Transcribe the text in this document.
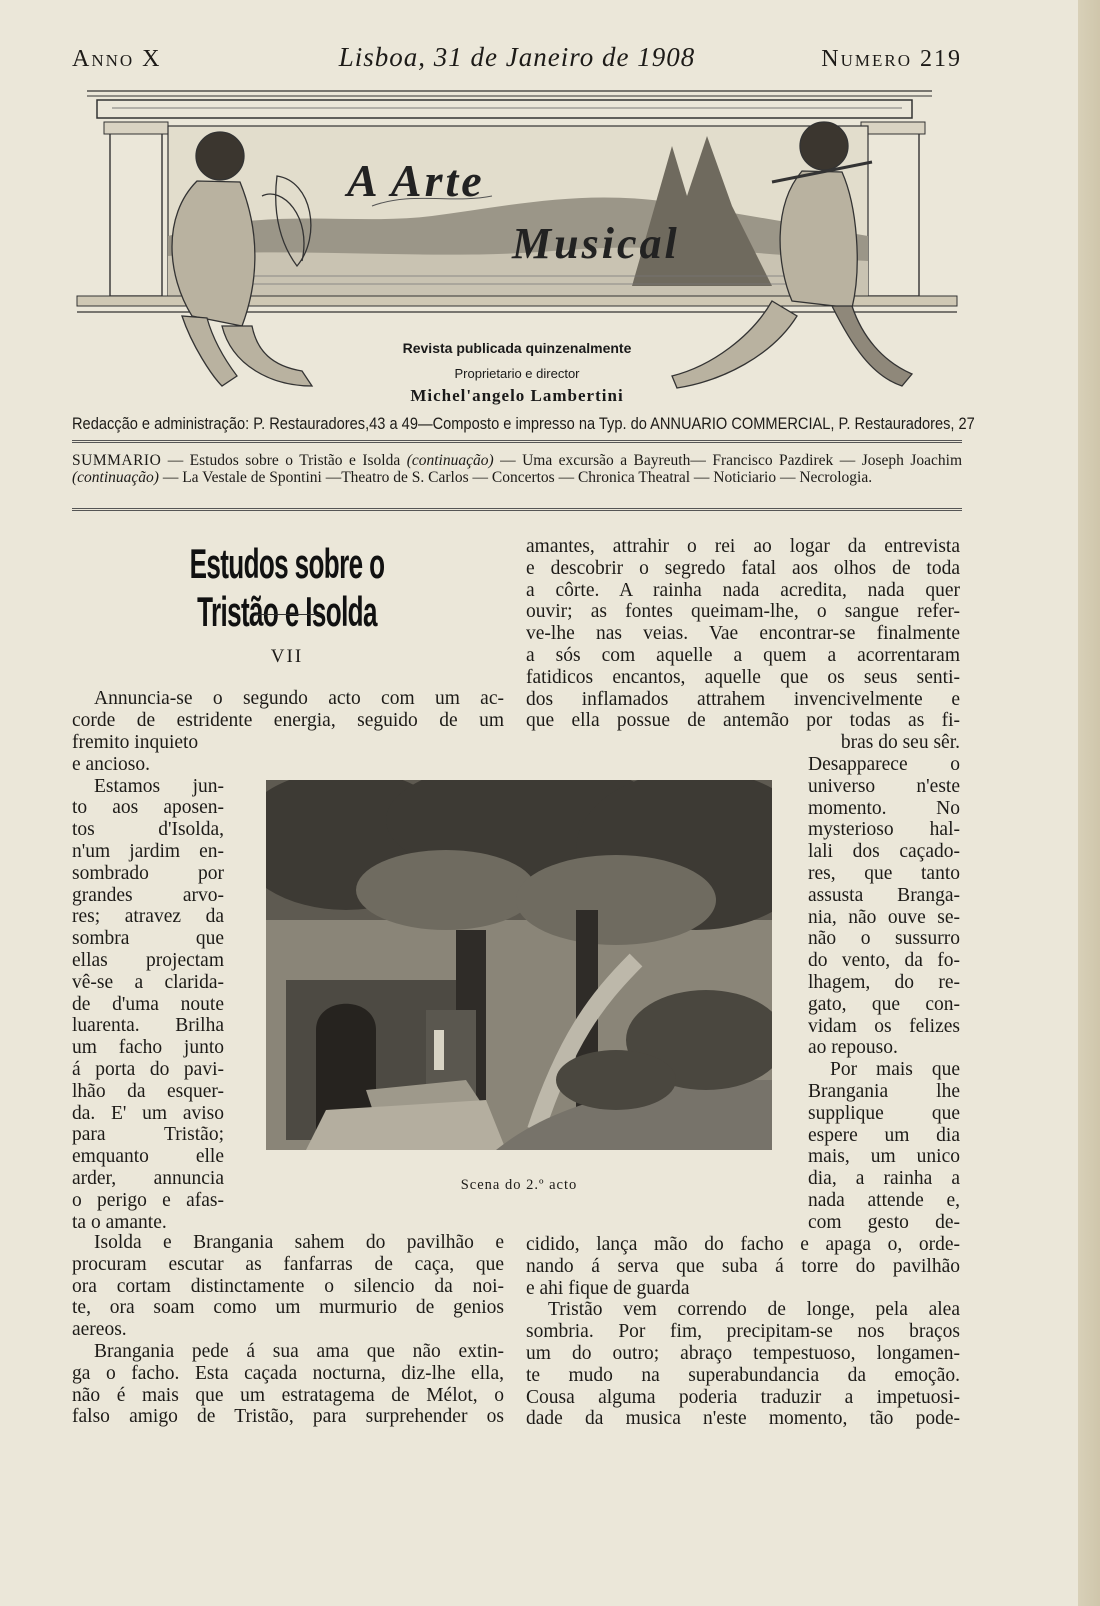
Anno X	Lisboa, 31 de Janeiro de 1908	Numero 219
A Arte
Musical
Revista publicada quinzenalmente
Proprietario e director
Michel'angelo Lambertini
Redacção e administração: P. Restauradores,43 a 49—Composto e impresso na Typ. do ANNUARIO COMMERCIAL, P. Restauradores, 27
SUMMARIO — Estudos sobre o Tristão e Isolda (continuação) — Uma excursão a Bayreuth— Francisco Pazdirek — Joseph Joachim (continuação) — La Vestale de Spontini —Theatro de S. Carlos — Concertos — Chronica Theatral — Noticiario — Necrologia.
Estudos sobre o Tristão e Isolda
VII
Annuncia-se o segundo acto com um ac-
corde de estridente energia, seguido de um
fremito inquieto
e ancioso.
Estamos jun-
to aos aposen-
tos d'Isolda,
n'um jardim en-
sombrado por
grandes arvo-
res; atravez da
sombra que
ellas projectam
vê-se a clarida-
de d'uma noute
luarenta. Brilha
um facho junto
á porta do pavi-
lhão da esquer-
da. E' um aviso
para Tristão;
emquanto elle
arder, annuncia
o perigo e afas-
ta o amante.
Isolda e Brangania sahem do pavilhão e
procuram escutar as fanfarras de caça, que
ora cortam distinctamente o silencio da noi-
te, ora soam como um murmurio de genios
aereos.
Brangania pede á sua ama que não extin-
ga o facho. Esta caçada nocturna, diz-lhe ella,
não é mais que um estratagema de Mélot, o
falso amigo de Tristão, para surprehender os
amantes, attrahir o rei ao logar da entrevista
e descobrir o segredo fatal aos olhos de toda
a côrte. A rainha nada acredita, nada quer
ouvir; as fontes queimam-lhe, o sangue refer-
ve-lhe nas veias. Vae encontrar-se finalmente
a sós com aquelle a quem a acorrentaram
fatidicos encantos, aquelle que os seus senti-
dos inflamados attrahem invencivelmente e
que ella possue de antemão por todas as fi-
bras do seu sêr.
Desapparece o
universo n'este
momento. No
mysterioso hal-
lali dos caçado-
res, que tanto
assusta Branga-
nia, não ouve se-
não o sussurro
do vento, da fo-
lhagem, do re-
gato, que con-
vidam os felizes
ao repouso.
Por mais que
Brangania lhe
supplique que
espere um dia
mais, um unico
dia, a rainha a
nada attende e,
com gesto de-
cidido, lança mão do facho e apaga o, orde-
nando á serva que suba á torre do pavilhão
e ahi fique de guarda
Tristão vem correndo de longe, pela alea
sombria. Por fim, precipitam-se nos braços
um do outro; abraço tempestuoso, longamen-
te mudo na superabundancia da emoção.
Cousa alguma poderia traduzir a impetuosi-
dade da musica n'este momento, tão pode-
Scena do 2.º acto
